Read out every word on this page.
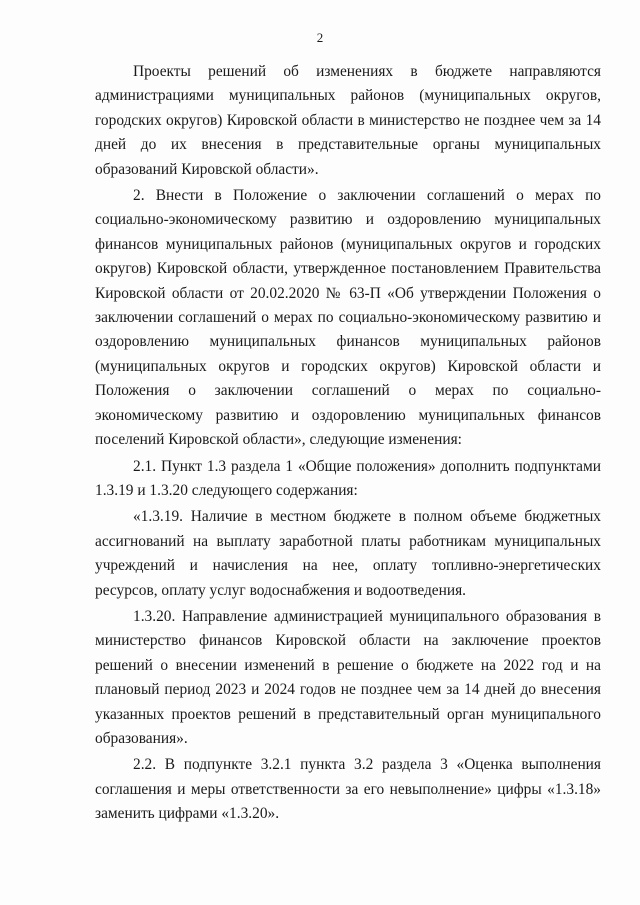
2

Проекты решений об изменениях в бюджете направляются администрациями муниципальных районов (муниципальных округов, городских округов) Кировской области в министерство не позднее чем за 14 дней до их внесения в представительные органы муниципальных образований Кировской области».

2. Внести в Положение о заключении соглашений о мерах по социально-экономическому развитию и оздоровлению муниципальных финансов муниципальных районов (муниципальных округов и городских округов) Кировской области, утвержденное постановлением Правительства Кировской области от 20.02.2020 № 63-П «Об утверждении Положения о заключении соглашений о мерах по социально-экономическому развитию и оздоровлению муниципальных финансов муниципальных районов (муниципальных округов и городских округов) Кировской области и Положения о заключении соглашений о мерах по социально-экономическому развитию и оздоровлению муниципальных финансов поселений Кировской области», следующие изменения:

2.1. Пункт 1.3 раздела 1 «Общие положения» дополнить подпунктами 1.3.19 и 1.3.20 следующего содержания:

«1.3.19. Наличие в местном бюджете в полном объеме бюджетных ассигнований на выплату заработной платы работникам муниципальных учреждений и начисления на нее, оплату топливно-энергетических ресурсов, оплату услуг водоснабжения и водоотведения.

1.3.20. Направление администрацией муниципального образования в министерство финансов Кировской области на заключение проектов решений о внесении изменений в решение о бюджете на 2022 год и на плановый период 2023 и 2024 годов не позднее чем за 14 дней до внесения указанных проектов решений в представительный орган муниципального образования».

2.2. В подпункте 3.2.1 пункта 3.2 раздела 3 «Оценка выполнения соглашения и меры ответственности за его невыполнение» цифры «1.3.18» заменить цифрами «1.3.20».
